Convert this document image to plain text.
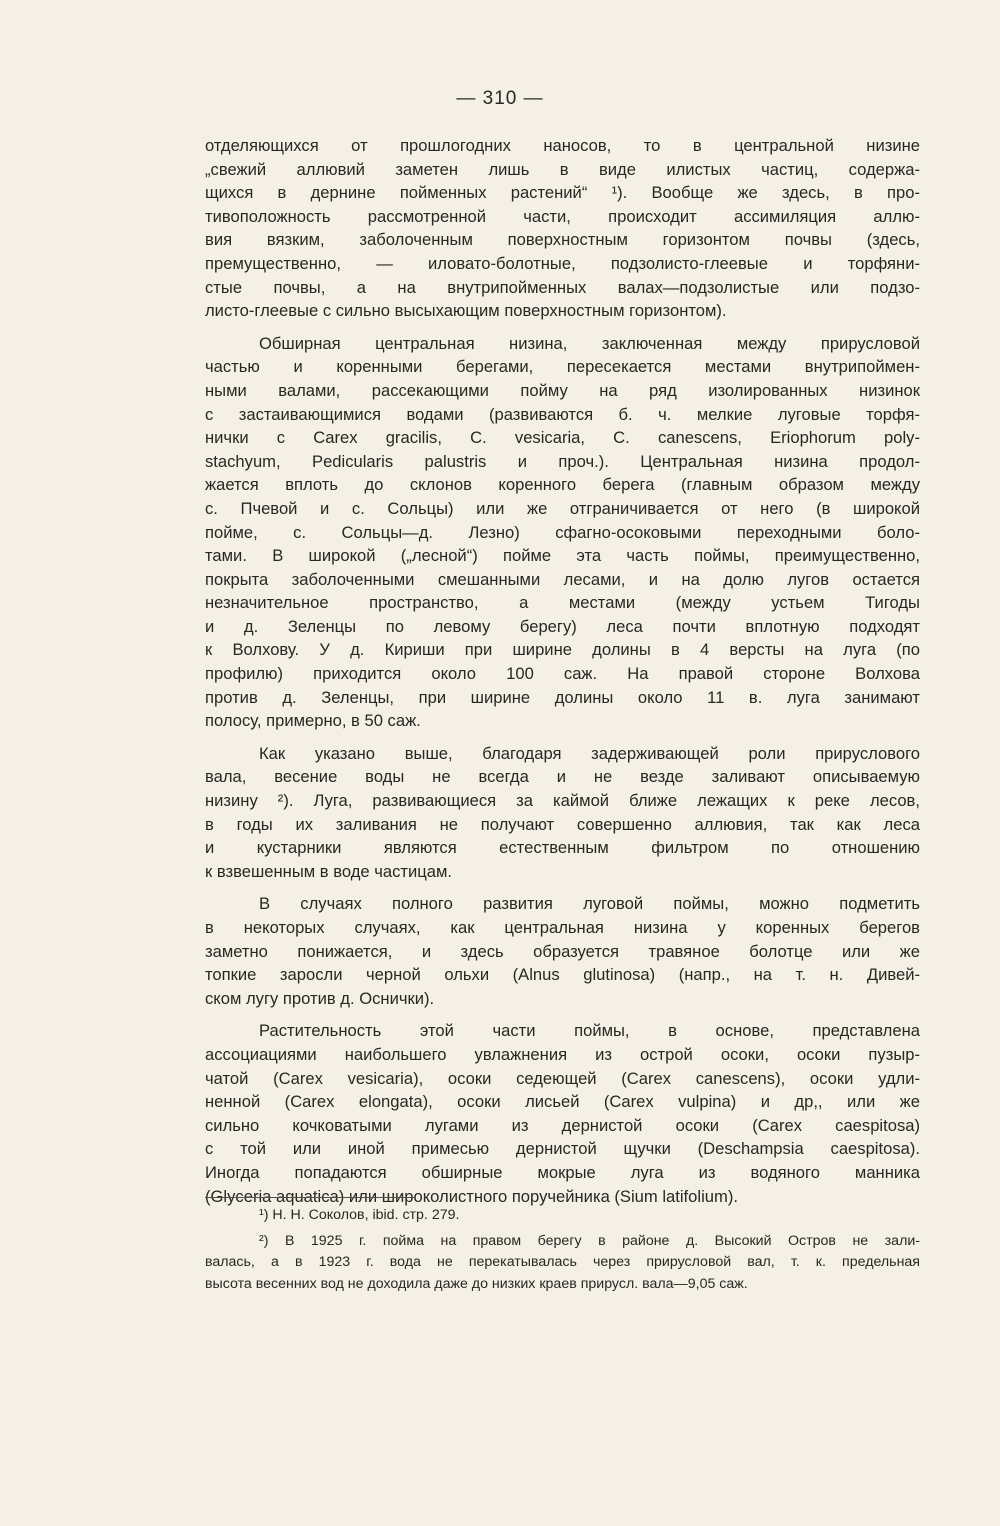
— 310 —
отделяющихся от прошлогодних наносов, то в центральной низине
„свежий аллювий заметен лишь в виде илистых частиц, содержа-
щихся в дернине пойменных растений“ ¹). Вообще же здесь, в про-
тивоположность рассмотренной части, происходит ассимиляция аллю-
вия вязким, заболоченным поверхностным горизонтом почвы (здесь,
премущественно, — иловато-болотные, подзолисто-глеевые и торфяни-
стые почвы, а на внутрипойменных валах—подзолистые или подзо-
листо-глеевые с сильно высыхающим поверхностным горизонтом).
Обширная центральная низина, заключенная между прирусловой
частью и коренными берегами, пересекается местами внутрипоймен-
ными валами, рассекающими пойму на ряд изолированных низинок
с застаивающимися водами (развиваются б. ч. мелкие луговые торфя-
нички с Carex gracilis, C. vesicaria, C. canescens, Eriophorum poly-
stachyum, Pedicularis palustris и проч.). Центральная низина продол-
жается вплоть до склонов коренного берега (главным образом между
с. Пчевой и с. Сольцы) или же отграничивается от него (в широкой
пойме, с. Сольцы—д. Лезно) сфагно-осоковыми переходными боло-
тами. В широкой („лесной“) пойме эта часть поймы, преимущественно,
покрыта заболоченными смешанными лесами, и на долю лугов остается
незначительное пространство, а местами (между устьем Тигоды
и д. Зеленцы по левому берегу) леса почти вплотную подходят
к Волхову. У д. Кириши при ширине долины в 4 версты на луга (по
профилю) приходится около 100 саж. На правой стороне Волхова
против д. Зеленцы, при ширине долины около 11 в. луга занимают
полосу, примерно, в 50 саж.
Как указано выше, благодаря задерживающей роли прируслового
вала, весение воды не всегда и не везде заливают описываемую
низину ²). Луга, развивающиеся за каймой ближе лежащих к реке лесов,
в годы их заливания не получают совершенно аллювия, так как леса
и кустарники являются естественным фильтром по отношению
к взвешенным в воде частицам.
В случаях полного развития луговой поймы, можно подметить
в некоторых случаях, как центральная низина у коренных берегов
заметно понижается, и здесь образуется травяное болотце или же
топкие заросли черной ольхи (Alnus glutinosa) (напр., на т. н. Дивей-
ском лугу против д. Оснички).
Растительность этой части поймы, в основе, представлена
ассоциациями наибольшего увлажнения из острой осоки, осоки пузыр-
чатой (Carex vesicaria), осоки седеющей (Carex canescens), осоки удли-
ненной (Carex elongata), осоки лисьей (Carex vulpina) и др,, или же
сильно кочковатыми лугами из дернистой осоки (Carex caespitosa)
с той или иной примесью дернистой щучки (Deschampsia caespitosa).
Иногда попадаются обширные мокрые луга из водяного манника
(Glyceria aquatica) или широколистного поручейника (Sium latifolium).
¹) Н. Н. Соколов, ibid. стр. 279.
²) В 1925 г. пойма на правом берегу в районе д. Высокий Остров не зали-
валась, а в 1923 г. вода не перекатывалась через прирусловой вал, т. к. предельная
высота весенних вод не доходила даже до низких краев прирусл. вала—9,05 саж.
